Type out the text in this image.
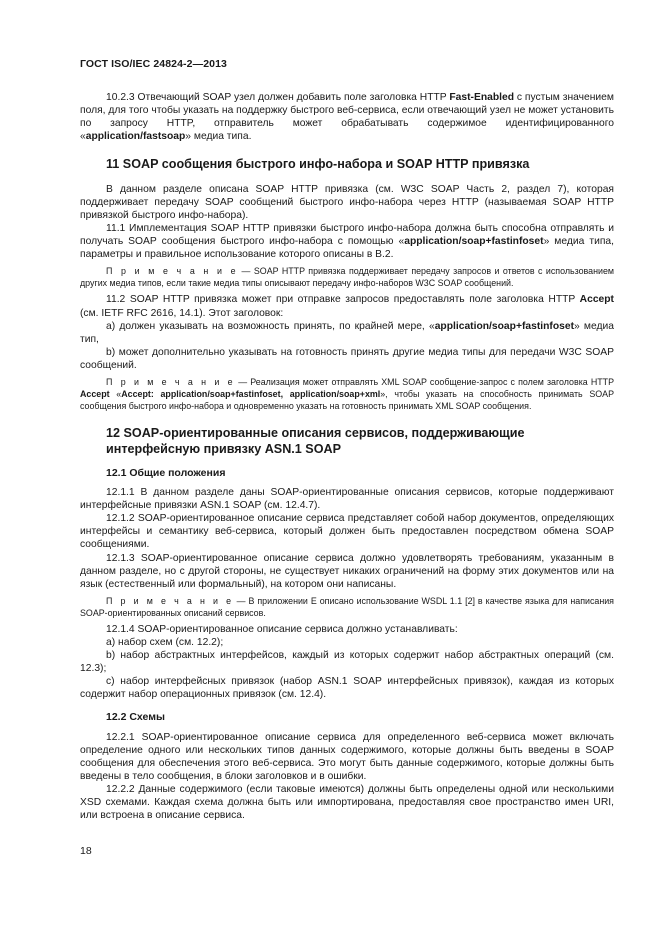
ГОСТ ISO/IEC 24824-2—2013

10.2.3 Отвечающий SOAP узел должен добавить поле заголовка HTTP Fast-Enabled с пустым значением поля, для того чтобы указать на поддержку быстрого веб-сервиса, если отвечающий узел не может установить по запросу HTTP, отправитель может обрабатывать содержимое идентифицированного «application/fastsoap» медиа типа.

11 SOAP сообщения быстрого инфо-набора и SOAP HTTP привязка

В данном разделе описана SOAP HTTP привязка (см. W3C SOAP Часть 2, раздел 7), которая поддерживает передачу SOAP сообщений быстрого инфо-набора через HTTP (называемая SOAP HTTP привязкой быстрого инфо-набора).

11.1 Имплементация SOAP HTTP привязки быстрого инфо-набора должна быть способна отправлять и получать SOAP сообщения быстрого инфо-набора с помощью «application/soap+fastinfoset» медиа типа, параметры и правильное использование которого описаны в В.2.

П р и м е ч а н и е — SOAP HTTP привязка поддерживает передачу запросов и ответов с использованием других медиа типов, если такие медиа типы описывают передачу инфо-наборов W3C SOAP сообщений.

11.2 SOAP HTTP привязка может при отправке запросов предоставлять поле заголовка HTTP Accept (см. IETF RFC 2616, 14.1). Этот заголовок:

а) должен указывать на возможность принять, по крайней мере, «application/soap+fastinfoset» медиа тип,

b) может дополнительно указывать на готовность принять другие медиа типы для передачи W3C SOAP сообщений.

П р и м е ч а н и е — Реализация может отправлять XML SOAP сообщение-запрос с полем заголовка HTTP Accept «Accept: application/soap+fastinfoset, application/soap+xml», чтобы указать на способность принимать SOAP сообщения быстрого инфо-набора и одновременно указать на готовность принимать XML SOAP сообщения.

12 SOAP-ориентированные описания сервисов, поддерживающие интерфейсную привязку ASN.1 SOAP
12.1 Общие положения

12.1.1 В данном разделе даны SOAP-ориентированные описания сервисов, которые поддерживают интерфейсные привязки ASN.1 SOAP (см. 12.4.7).

12.1.2 SOAP-ориентированное описание сервиса представляет собой набор документов, определяющих интерфейсы и семантику веб-сервиса, который должен быть предоставлен посредством обмена SOAP сообщениями.

12.1.3 SOAP-ориентированное описание сервиса должно удовлетворять требованиям, указанным в данном разделе, но с другой стороны, не существует никаких ограничений на форму этих документов или на язык (естественный или формальный), на котором они написаны.

П р и м е ч а н и е — В приложении E описано использование WSDL 1.1 [2] в качестве языка для написания SOAP-ориентированных описаний сервисов.

12.1.4 SOAP-ориентированное описание сервиса должно устанавливать:

а) набор схем (см. 12.2);

b) набор абстрактных интерфейсов, каждый из которых содержит набор абстрактных операций (см. 12.3);

с) набор интерфейсных привязок (набор ASN.1 SOAP интерфейсных привязок), каждая из которых содержит набор операционных привязок (см. 12.4).

12.2 Схемы

12.2.1 SOAP-ориентированное описание сервиса для определенного веб-сервиса может включать определение одного или нескольких типов данных содержимого, которые должны быть введены в SOAP сообщения для обеспечения этого веб-сервиса. Это могут быть данные содержимого, которые должны быть введены в тело сообщения, в блоки заголовков и в ошибки.

12.2.2 Данные содержимого (если таковые имеются) должны быть определены одной или несколькими XSD схемами. Каждая схема должна быть или импортирована, предоставляя свое пространство имен URI, или встроена в описание сервиса.

18
